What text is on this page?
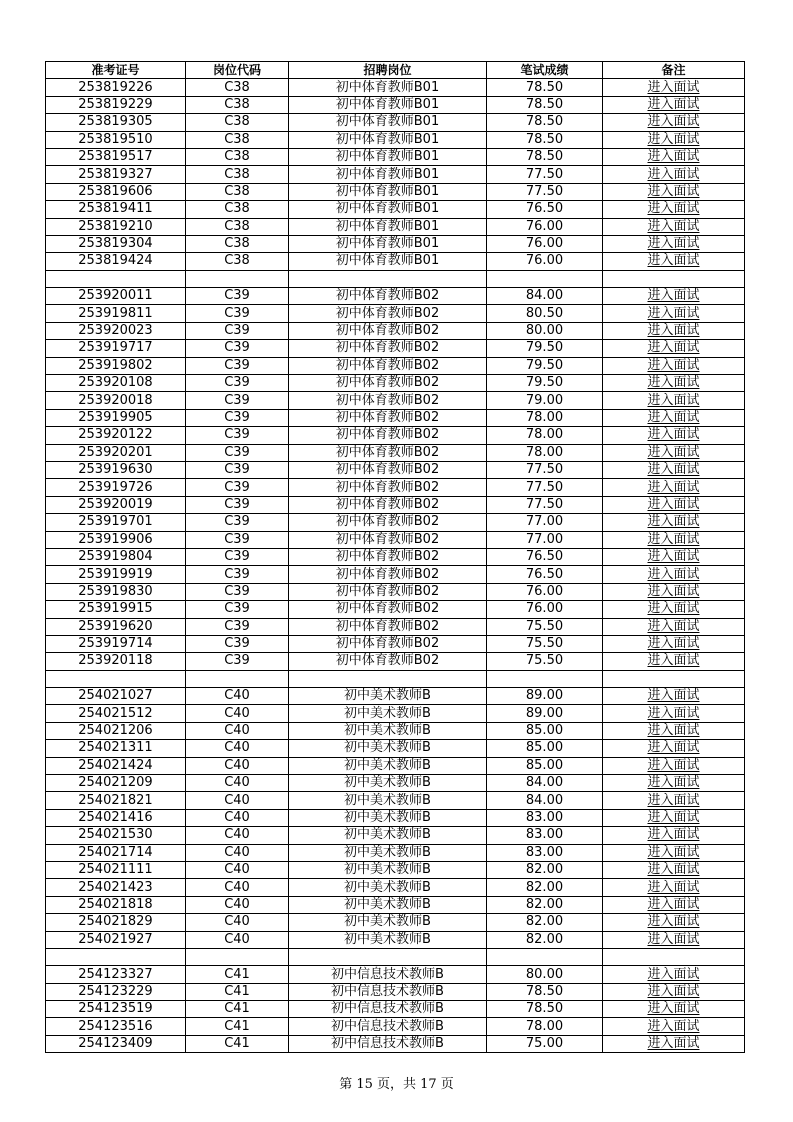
准考证号	岗位代码	招聘岗位	笔试成绩	备注
253819226	C38	初中体育教师B01	78.50	进入面试
253819229	C38	初中体育教师B01	78.50	进入面试
253819305	C38	初中体育教师B01	78.50	进入面试
253819510	C38	初中体育教师B01	78.50	进入面试
253819517	C38	初中体育教师B01	78.50	进入面试
253819327	C38	初中体育教师B01	77.50	进入面试
253819606	C38	初中体育教师B01	77.50	进入面试
253819411	C38	初中体育教师B01	76.50	进入面试
253819210	C38	初中体育教师B01	76.00	进入面试
253819304	C38	初中体育教师B01	76.00	进入面试
253819424	C38	初中体育教师B01	76.00	进入面试

253920011	C39	初中体育教师B02	84.00	进入面试
253919811	C39	初中体育教师B02	80.50	进入面试
253920023	C39	初中体育教师B02	80.00	进入面试
253919717	C39	初中体育教师B02	79.50	进入面试
253919802	C39	初中体育教师B02	79.50	进入面试
253920108	C39	初中体育教师B02	79.50	进入面试
253920018	C39	初中体育教师B02	79.00	进入面试
253919905	C39	初中体育教师B02	78.00	进入面试
253920122	C39	初中体育教师B02	78.00	进入面试
253920201	C39	初中体育教师B02	78.00	进入面试
253919630	C39	初中体育教师B02	77.50	进入面试
253919726	C39	初中体育教师B02	77.50	进入面试
253920019	C39	初中体育教师B02	77.50	进入面试
253919701	C39	初中体育教师B02	77.00	进入面试
253919906	C39	初中体育教师B02	77.00	进入面试
253919804	C39	初中体育教师B02	76.50	进入面试
253919919	C39	初中体育教师B02	76.50	进入面试
253919830	C39	初中体育教师B02	76.00	进入面试
253919915	C39	初中体育教师B02	76.00	进入面试
253919620	C39	初中体育教师B02	75.50	进入面试
253919714	C39	初中体育教师B02	75.50	进入面试
253920118	C39	初中体育教师B02	75.50	进入面试

254021027	C40	初中美术教师B	89.00	进入面试
254021512	C40	初中美术教师B	89.00	进入面试
254021206	C40	初中美术教师B	85.00	进入面试
254021311	C40	初中美术教师B	85.00	进入面试
254021424	C40	初中美术教师B	85.00	进入面试
254021209	C40	初中美术教师B	84.00	进入面试
254021821	C40	初中美术教师B	84.00	进入面试
254021416	C40	初中美术教师B	83.00	进入面试
254021530	C40	初中美术教师B	83.00	进入面试
254021714	C40	初中美术教师B	83.00	进入面试
254021111	C40	初中美术教师B	82.00	进入面试
254021423	C40	初中美术教师B	82.00	进入面试
254021818	C40	初中美术教师B	82.00	进入面试
254021829	C40	初中美术教师B	82.00	进入面试
254021927	C40	初中美术教师B	82.00	进入面试

254123327	C41	初中信息技术教师B	80.00	进入面试
254123229	C41	初中信息技术教师B	78.50	进入面试
254123519	C41	初中信息技术教师B	78.50	进入面试
254123516	C41	初中信息技术教师B	78.00	进入面试
254123409	C41	初中信息技术教师B	75.00	进入面试
第 15 页，共 17 页
